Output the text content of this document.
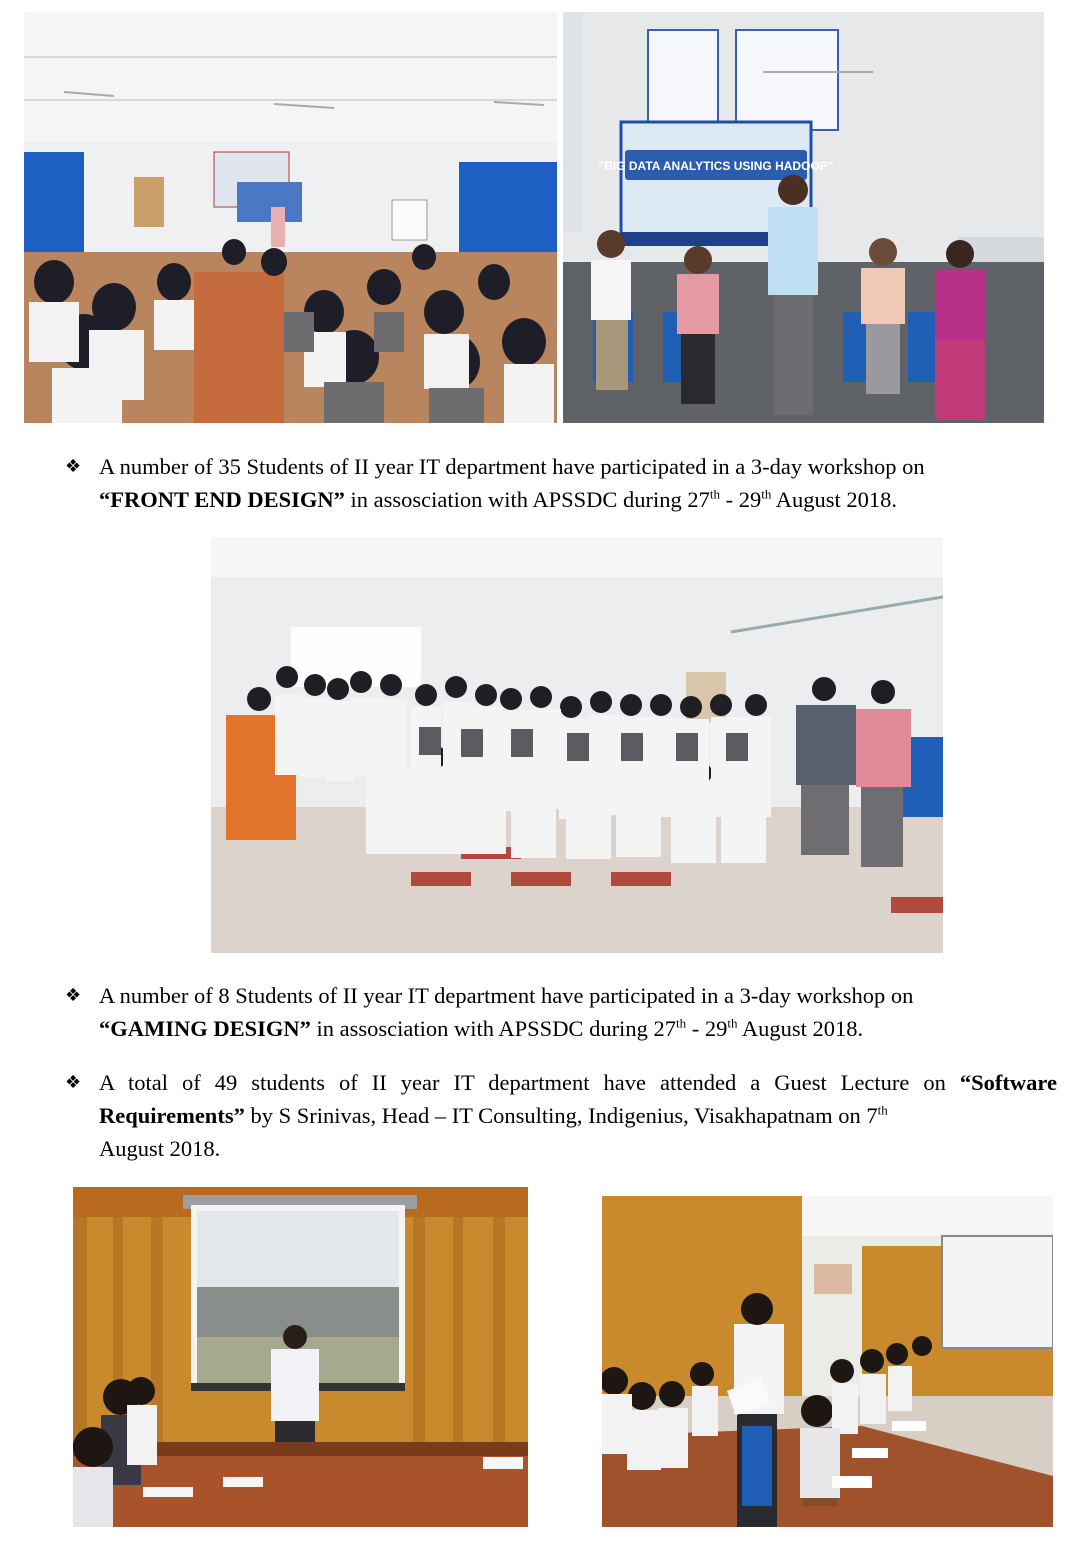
"BIG DATA ANALYTICS USING HADOOP"
❖ A number of 35 Students of II year IT department have participated in a 3-day workshop on
“FRONT END DESIGN” in assosciation with APSSDC during 27th - 29th August 2018.
❖ A number of 8 Students of II year IT department have participated in a 3-day workshop on
“GAMING DESIGN” in assosciation with APSSDC during 27th - 29th August 2018.
❖ A total of 49 students of II year IT department have attended a Guest Lecture on “Software Requirements” by S Srinivas, Head – IT Consulting, Indigenius, Visakhapatnam on 7th
August 2018.
